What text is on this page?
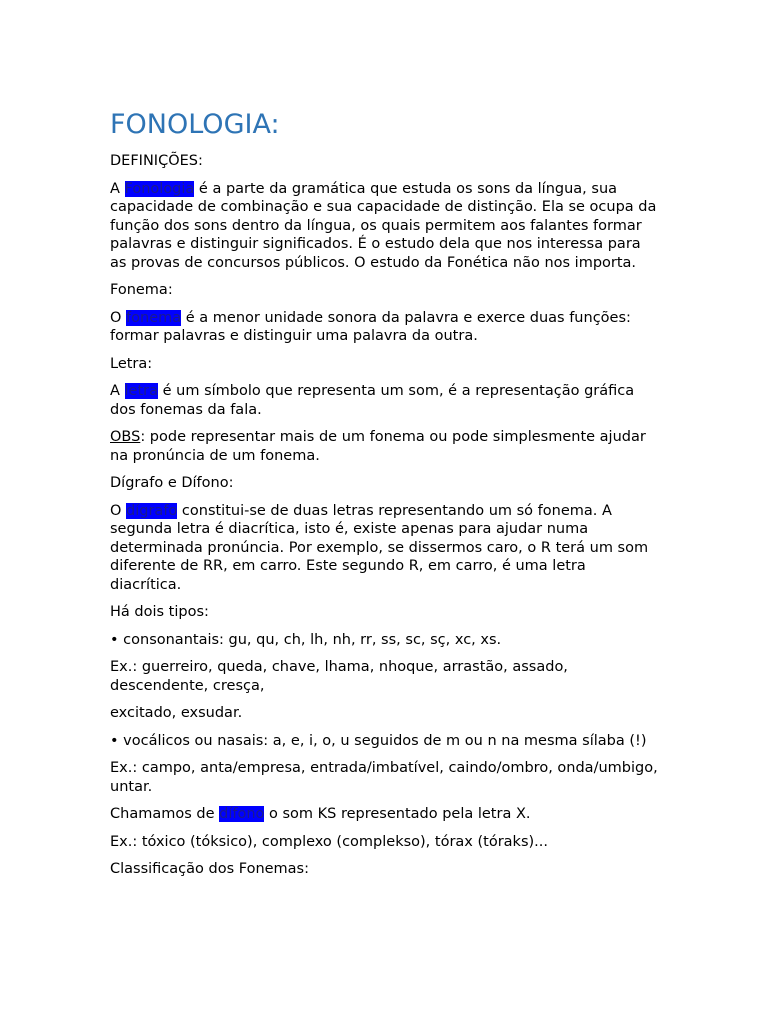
FONOLOGIA:

DEFINIÇÕES:

A Fonologia é a parte da gramática que estuda os sons da língua, sua capacidade de combinação e sua capacidade de distinção. Ela se ocupa da função dos sons dentro da língua, os quais permitem aos falantes formar palavras e distinguir significados. É o estudo dela que nos interessa para as provas de concursos públicos. O estudo da Fonética não nos importa.

Fonema:

O fonema é a menor unidade sonora da palavra e exerce duas funções: formar palavras e distinguir uma palavra da outra.

Letra:

A letra é um símbolo que representa um som, é a representação gráfica dos fonemas da fala.

OBS: pode representar mais de um fonema ou pode simplesmente ajudar na pronúncia de um fonema.

Dígrafo e Dífono:

O dígrafo constitui-se de duas letras representando um só fonema. A segunda letra é diacrítica, isto é, existe apenas para ajudar numa determinada pronúncia. Por exemplo, se dissermos caro, o R terá um som diferente de RR, em carro. Este segundo R, em carro, é uma letra diacrítica.

Há dois tipos:

• consonantais: gu, qu, ch, lh, nh, rr, ss, sc, sç, xc, xs.

Ex.: guerreiro, queda, chave, lhama, nhoque, arrastão, assado, descendente, cresça,

excitado, exsudar.

• vocálicos ou nasais: a, e, i, o, u seguidos de m ou n na mesma sílaba (!)

Ex.: campo, anta/empresa, entrada/imbatível, caindo/ombro, onda/umbigo, untar.

Chamamos de dífono o som KS representado pela letra X.

Ex.: tóxico (tóksico), complexo (complekso), tórax (tóraks)...

Classificação dos Fonemas:
